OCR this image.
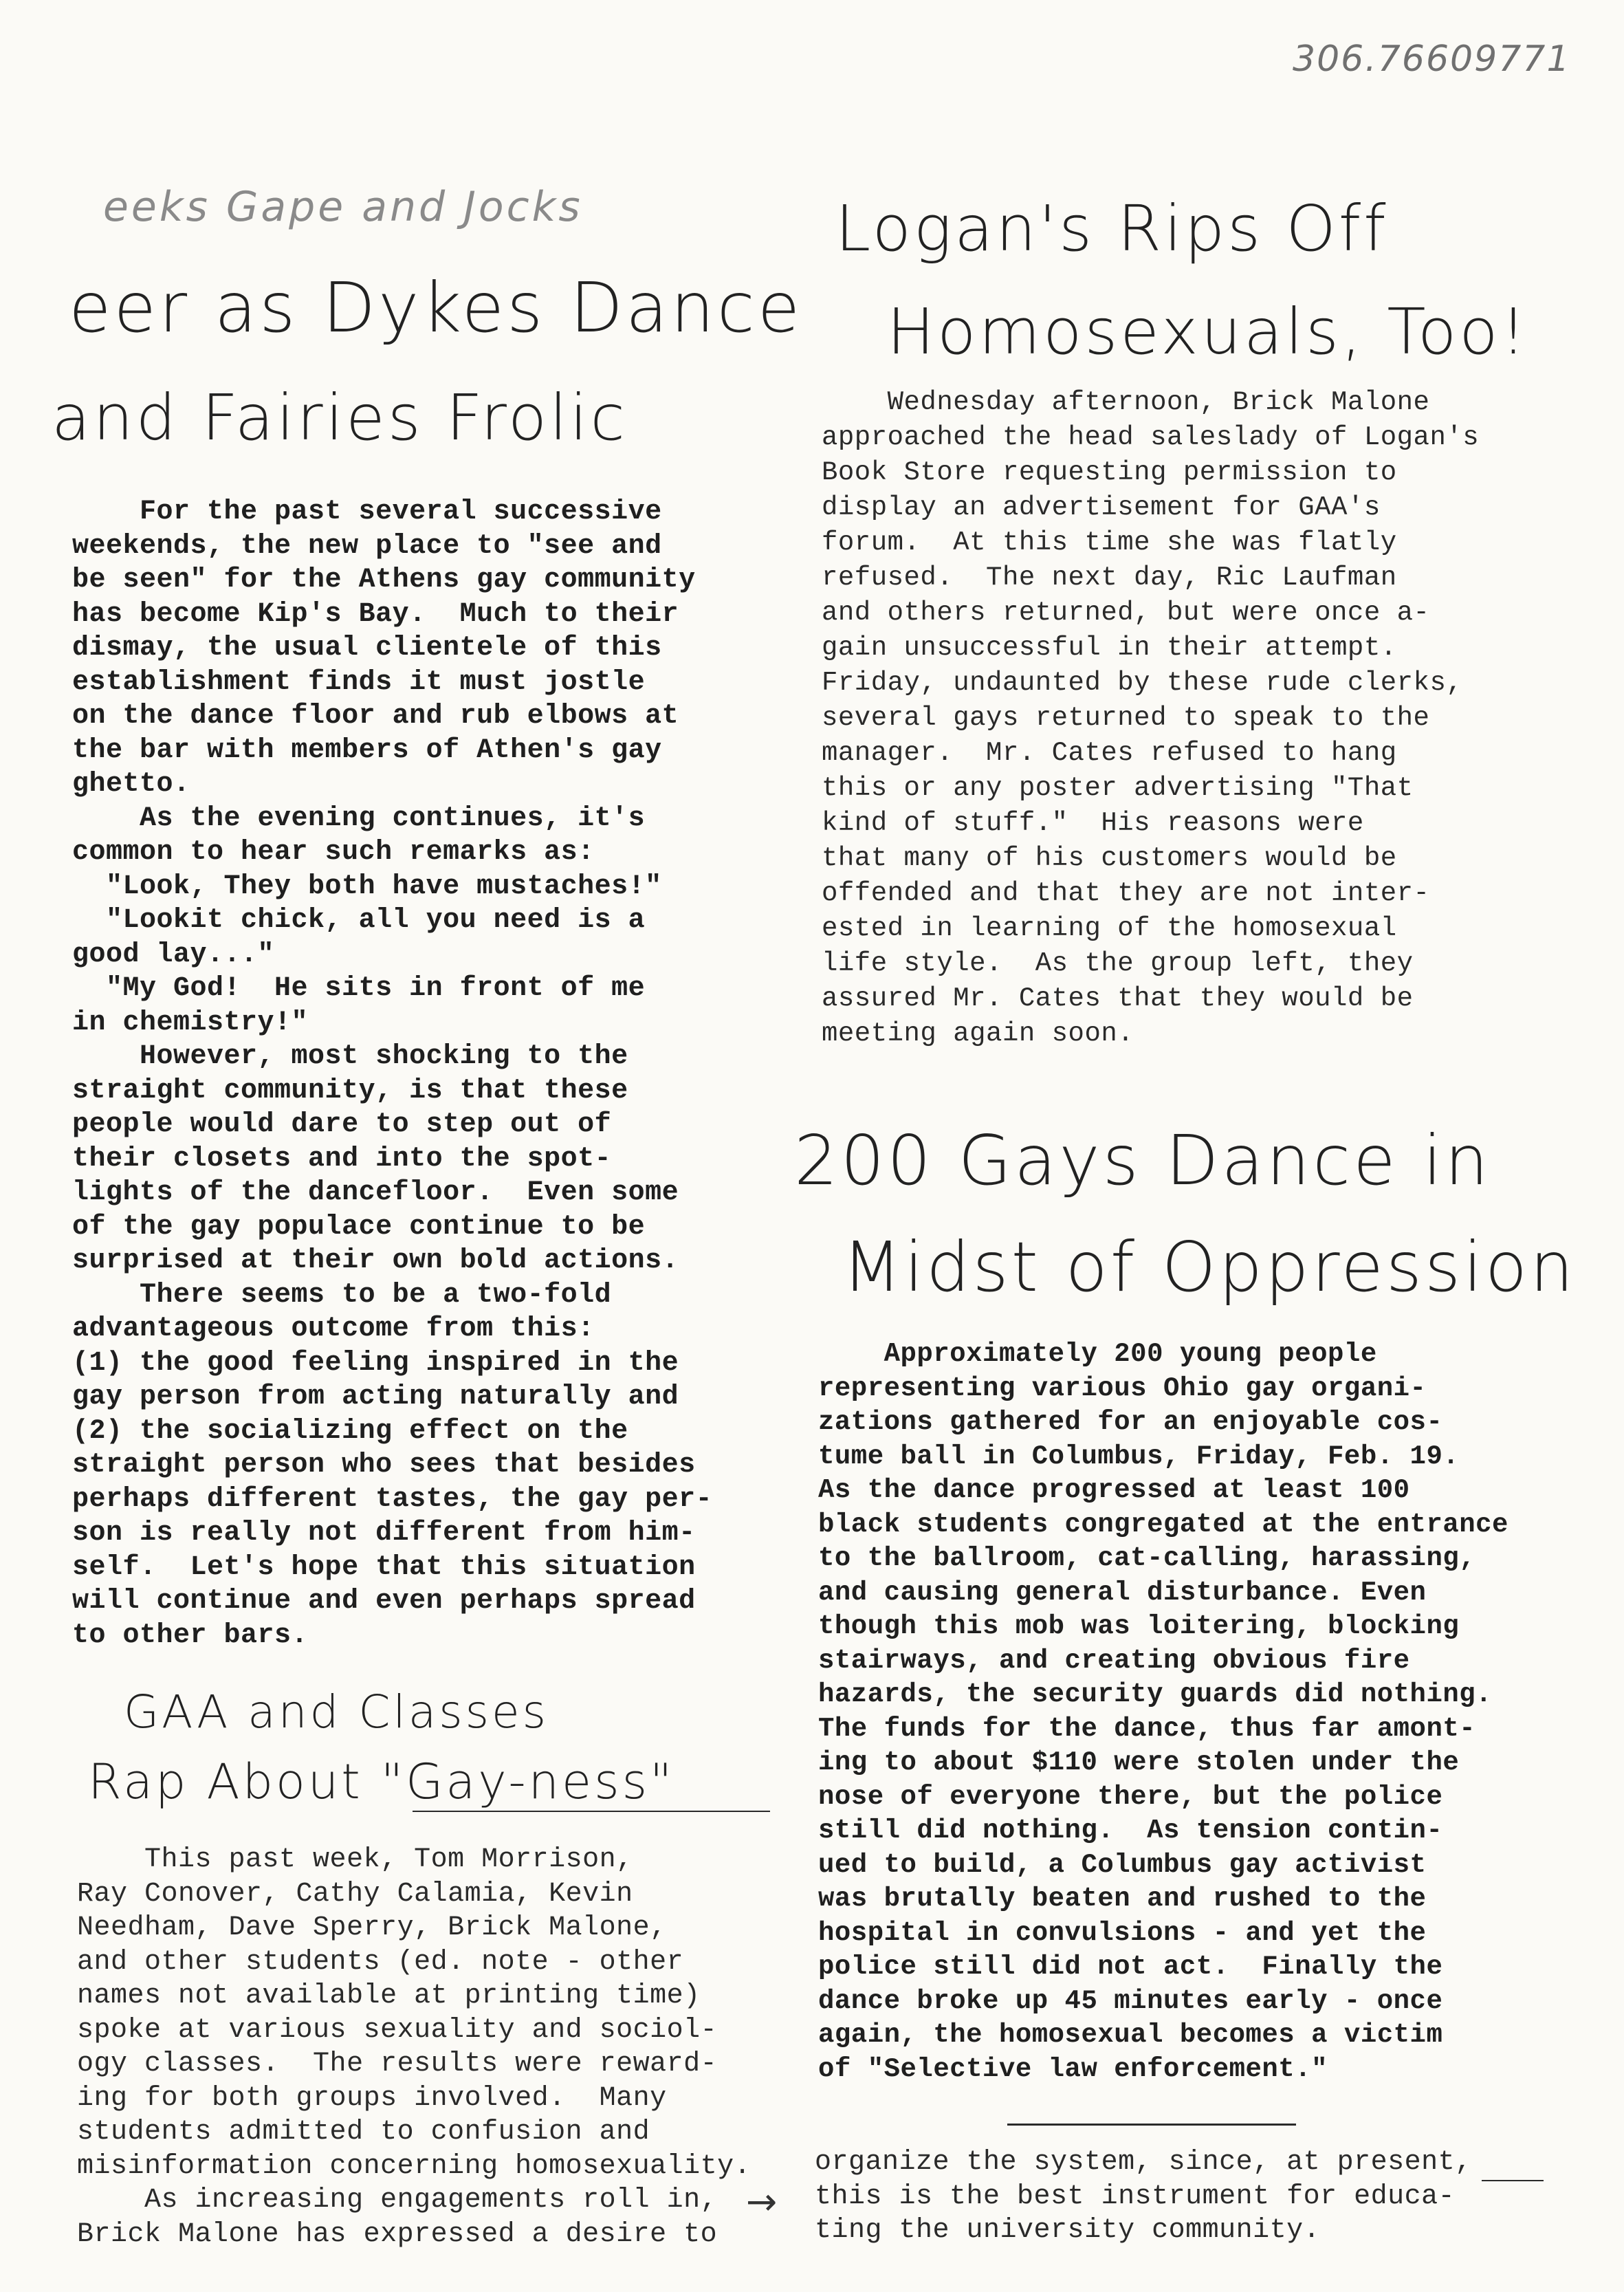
306.76609771
eeks Gape and Jocks
eer as Dykes Dance
and Fairies Frolic
For the past several successive
weekends, the new place to "see and
be seen" for the Athens gay community
has become Kip's Bay.  Much to their
dismay, the usual clientele of this
establishment finds it must jostle
on the dance floor and rub elbows at
the bar with members of Athen's gay
ghetto.
As the evening continues, it's
common to hear such remarks as:
"Look, They both have mustaches!"
"Lookit chick, all you need is a
good lay..."
"My God!  He sits in front of me
in chemistry!"
However, most shocking to the
straight community, is that these
people would dare to step out of
their closets and into the spot-
lights of the dancefloor.  Even some
of the gay populace continue to be
surprised at their own bold actions.
There seems to be a two-fold
advantageous outcome from this:
(1) the good feeling inspired in the
gay person from acting naturally and
(2) the socializing effect on the
straight person who sees that besides
perhaps different tastes, the gay per-
son is really not different from him-
self.  Let's hope that this situation
will continue and even perhaps spread
to other bars.
GAA and Classes
Rap About "Gay-ness"
This past week, Tom Morrison,
Ray Conover, Cathy Calamia, Kevin
Needham, Dave Sperry, Brick Malone,
and other students (ed. note - other
names not available at printing time)
spoke at various sexuality and sociol-
ogy classes.  The results were reward-
ing for both groups involved.  Many
students admitted to confusion and
misinformation concerning homosexuality.
As increasing engagements roll in,
Brick Malone has expressed a desire to
→
Logan's Rips Off
Homosexuals, Too!
Wednesday afternoon, Brick Malone
approached the head saleslady of Logan's
Book Store requesting permission to
display an advertisement for GAA's
forum.  At this time she was flatly
refused.  The next day, Ric Laufman
and others returned, but were once a-
gain unsuccessful in their attempt.
Friday, undaunted by these rude clerks,
several gays returned to speak to the
manager.  Mr. Cates refused to hang
this or any poster advertising "That
kind of stuff."  His reasons were
that many of his customers would be
offended and that they are not inter-
ested in learning of the homosexual
life style.  As the group left, they
assured Mr. Cates that they would be
meeting again soon.
200 Gays Dance in
Midst of Oppression
Approximately 200 young people
representing various Ohio gay organi-
zations gathered for an enjoyable cos-
tume ball in Columbus, Friday, Feb. 19.
As the dance progressed at least 100
black students congregated at the entrance
to the ballroom, cat-calling, harassing,
and causing general disturbance. Even
though this mob was loitering, blocking
stairways, and creating obvious fire
hazards, the security guards did nothing.
The funds for the dance, thus far amont-
ing to about $110 were stolen under the
nose of everyone there, but the police
still did nothing.  As tension contin-
ued to build, a Columbus gay activist
was brutally beaten and rushed to the
hospital in convulsions - and yet the
police still did not act.  Finally the
dance broke up 45 minutes early - once
again, the homosexual becomes a victim
of "Selective law enforcement."
organize the system, since, at present,
this is the best instrument for educa-
ting the university community.
